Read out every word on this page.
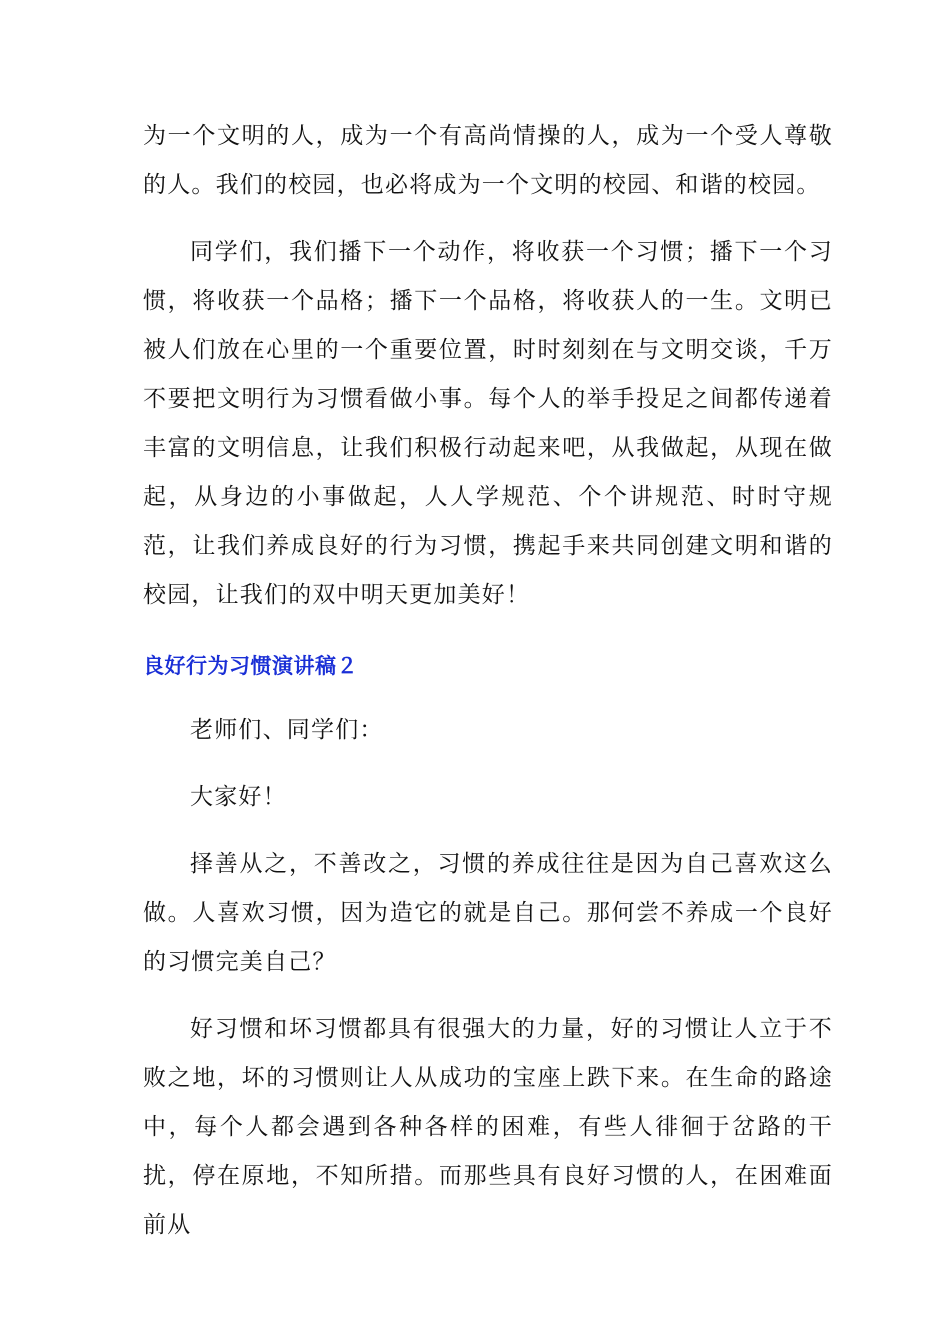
为一个文明的人，成为一个有高尚情操的人，成为一个受人尊敬的人。我们的校园，也必将成为一个文明的校园、和谐的校园。

同学们，我们播下一个动作，将收获一个习惯；播下一个习惯，将收获一个品格；播下一个品格，将收获人的一生。文明已被人们放在心里的一个重要位置，时时刻刻在与文明交谈，千万不要把文明行为习惯看做小事。每个人的举手投足之间都传递着丰富的文明信息，让我们积极行动起来吧，从我做起，从现在做起，从身边的小事做起，人人学规范、个个讲规范、时时守规范，让我们养成良好的行为习惯，携起手来共同创建文明和谐的校园，让我们的双中明天更加美好！

良好行为习惯演讲稿２

老师们、同学们：

大家好！

择善从之，不善改之，习惯的养成往往是因为自己喜欢这么做。人喜欢习惯，因为造它的就是自己。那何尝不养成一个良好的习惯完美自己？

好习惯和坏习惯都具有很强大的力量，好的习惯让人立于不败之地，坏的习惯则让人从成功的宝座上跌下来。在生命的路途中，每个人都会遇到各种各样的困难，有些人徘徊于岔路的干扰，停在原地，不知所措。而那些具有良好习惯的人，在困难面前从
